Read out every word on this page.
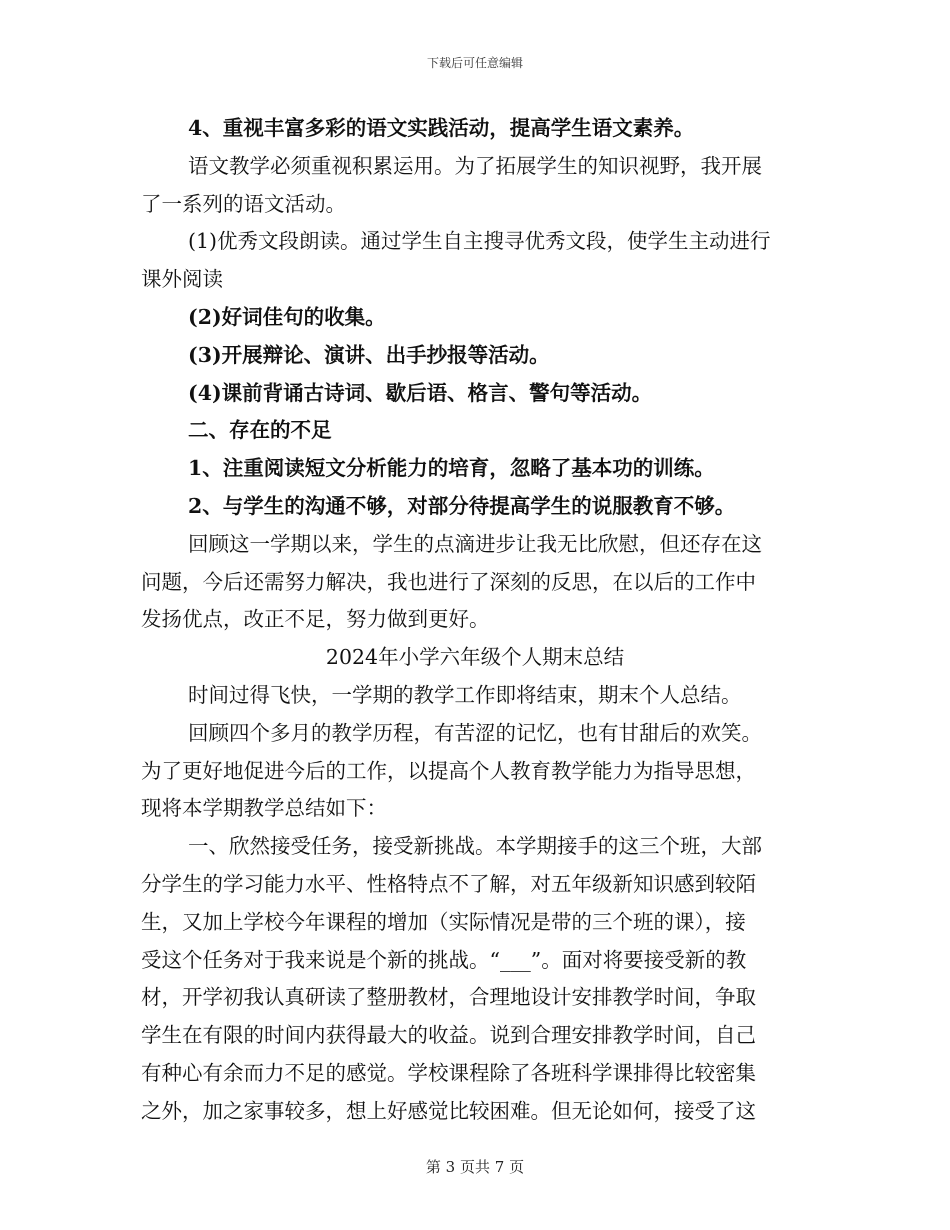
下载后可任意编辑
4、重视丰富多彩的语文实践活动，提高学生语文素养。
语文教学必须重视积累运用。为了拓展学生的知识视野，我开展
了一系列的语文活动。
(1)优秀文段朗读。通过学生自主搜寻优秀文段，使学生主动进行
课外阅读
(2)好词佳句的收集。
(3)开展辩论、演讲、出手抄报等活动。
(4)课前背诵古诗词、歇后语、格言、警句等活动。
二、存在的不足
1、注重阅读短文分析能力的培育，忽略了基本功的训练。
2、与学生的沟通不够，对部分待提高学生的说服教育不够。
回顾这一学期以来，学生的点滴进步让我无比欣慰，但还存在这
问题，今后还需努力解决，我也进行了深刻的反思，在以后的工作中
发扬优点，改正不足，努力做到更好。
2024年小学六年级个人期末总结
时间过得飞快，一学期的教学工作即将结束，期末个人总结。
回顾四个多月的教学历程，有苦涩的记忆，也有甘甜后的欢笑。
为了更好地促进今后的工作，以提高个人教育教学能力为指导思想，
现将本学期教学总结如下：
一、欣然接受任务，接受新挑战。本学期接手的这三个班，大部
分学生的学习能力水平、性格特点不了解，对五年级新知识感到较陌
生，又加上学校今年课程的增加（实际情况是带的三个班的课），接
受这个任务对于我来说是个新的挑战。“___”。面对将要接受新的教
材，开学初我认真研读了整册教材，合理地设计安排教学时间，争取
学生在有限的时间内获得最大的收益。说到合理安排教学时间，自己
有种心有余而力不足的感觉。学校课程除了各班科学课排得比较密集
之外，加之家事较多，想上好感觉比较困难。但无论如何，接受了这
第 3 页共 7 页
